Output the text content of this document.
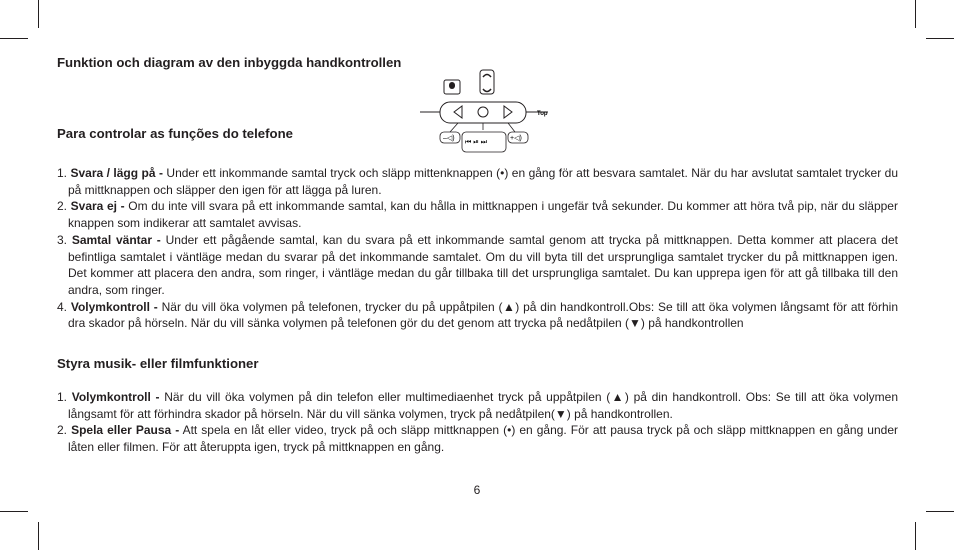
Funktion och diagram av den inbyggda handkontrollen
Top
–◁)
⏮ ⏯ ⏭
+◁)
Para controlar as funções do telefone
1. Svara / lägg på - Under ett inkommande samtal tryck och släpp mittenknappen (•) en gång för att besvara samtalet. När du har avslutat samtalet trycker du på mittknappen och släpper den igen för att lägga på luren.
2. Svara ej - Om du inte vill svara på ett inkommande samtal, kan du hålla in mittknappen i ungefär två sekunder. Du kommer att höra två pip, när du släpper knappen som indikerar att samtalet avvisas.
3. Samtal väntar - Under ett pågående samtal, kan du svara på ett inkommande samtal genom att trycka på mittknappen. Detta kommer att placera det befintliga samtalet i väntläge medan du svarar på det inkommande samtalet. Om du vill byta till det ursprungliga samtalet trycker du på mittknappen igen. Det kommer att placera den andra, som ringer, i väntläge medan du går tillbaka till det ursprungliga samtalet. Du kan upprepa igen för att gå tillbaka till den andra, som ringer.
4. Volymkontroll - När du vill öka volymen på telefonen, trycker du på uppåtpilen (▲) på din handkontroll.Obs: Se till att öka volymen långsamt för att förhin dra skador på hörseln. När du vill sänka volymen på telefonen gör du det genom att trycka på nedåtpilen (▼) på handkontrollen
Styra musik- eller filmfunktioner
1. Volymkontroll - När du vill öka volymen på din telefon eller multimediaenhet tryck på uppåtpilen (▲) på din handkontroll. Obs: Se till att öka volymen långsamt för att förhindra skador på hörseln. När du vill sänka volymen, tryck på nedåtpilen(▼) på handkontrollen.
2. Spela eller Pausa - Att spela en låt eller video, tryck på och släpp mittknappen (•) en gång. För att pausa tryck på och släpp mittknappen en gång under låten eller filmen. För att återuppta igen, tryck på mittknappen en gång.
6
